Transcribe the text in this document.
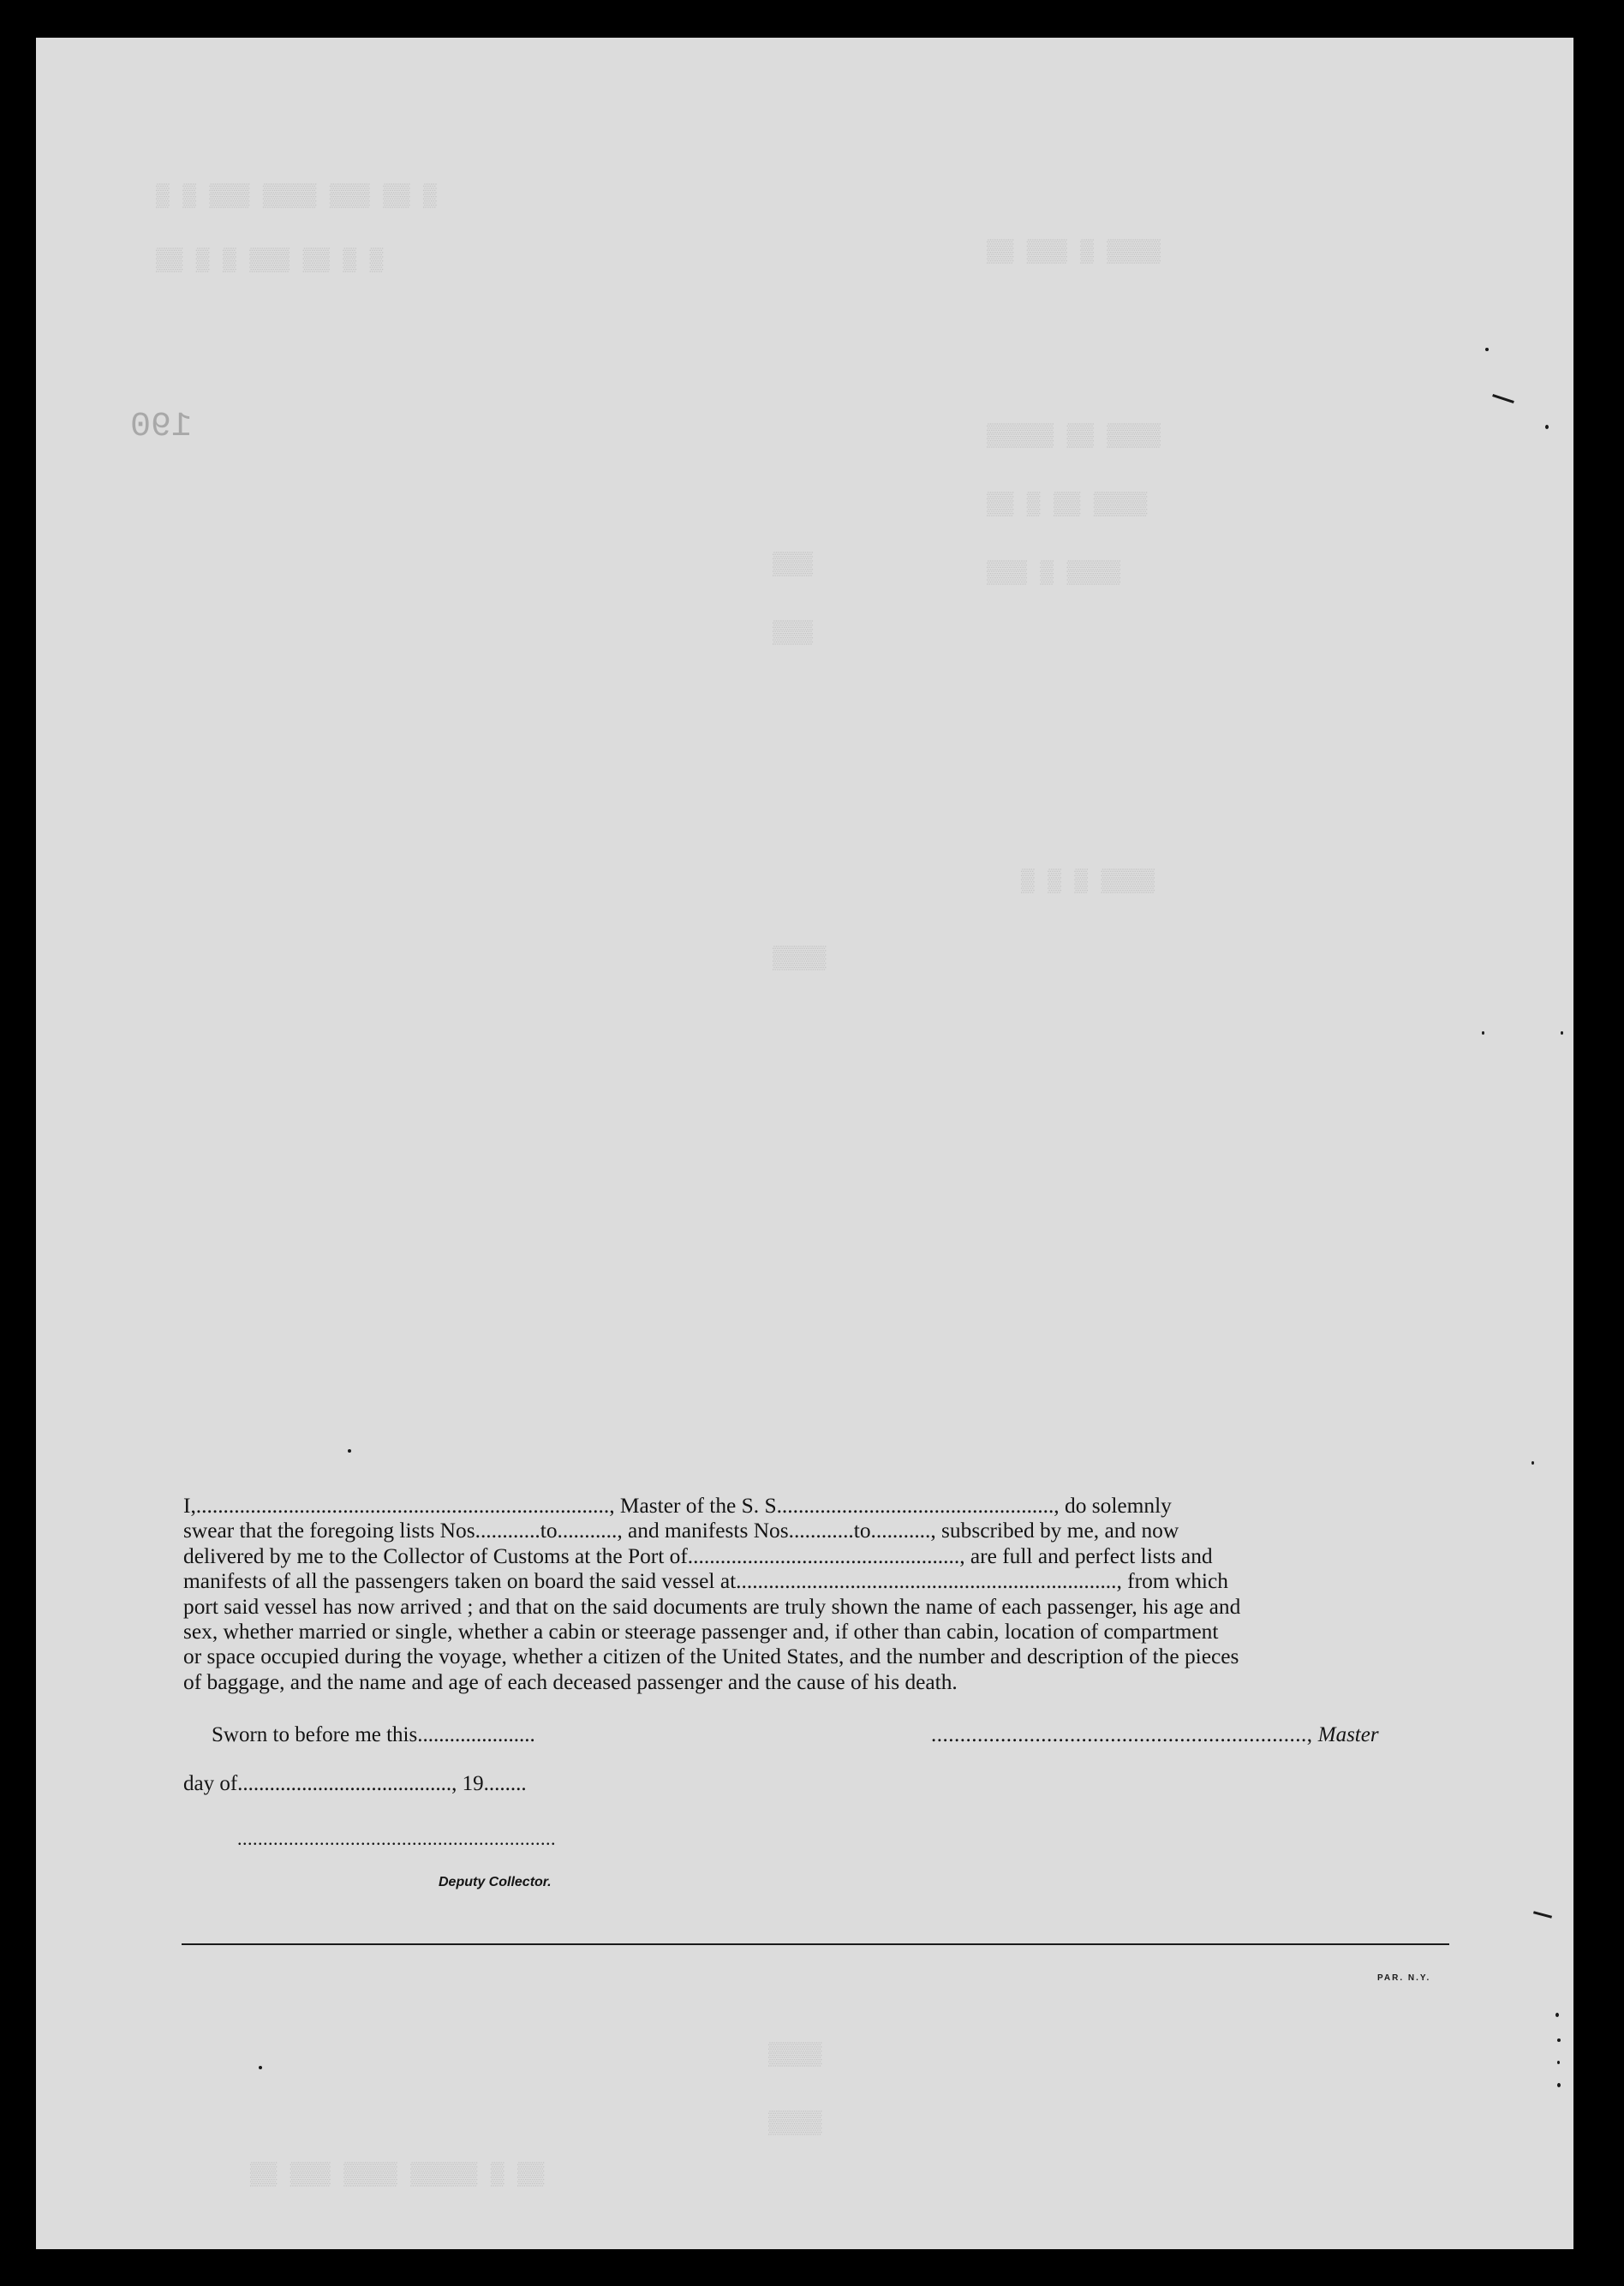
▒ ▒ ▒▒▒ ▒▒▒▒ ▒▒▒ ▒▒ ▒
▒▒ ▒ ▒ ▒▒▒ ▒▒ ▒ ▒
190
▒▒ ▒▒▒ ▒ ▒▒▒▒
▒▒▒▒▒ ▒▒ ▒▒▒▒
▒▒ ▒ ▒▒ ▒▒▒▒
▒▒▒ ▒ ▒▒▒▒
▒▒▒
▒▒▒
▒ ▒ ▒ ▒▒▒▒
▒▒▒▒
I,............................................................................, Master of the S. S..................................................., do solemnly
swear that the foregoing lists Nos............to..........., and manifests Nos............to..........., subscribed by me, and now
delivered by me to the Collector of Customs at the Port of.................................................., are full and perfect lists and
manifests of all the passengers taken on board the said vessel at......................................................................, from which
port said vessel has now arrived ; and that on the said documents are truly shown the name of each passenger, his age and
sex, whether married or single, whether a cabin or steerage passenger and, if other than cabin, location of compartment
or space occupied during the voyage, whether a citizen of the United States, and the number and description of the pieces
of baggage, and the name and age of each deceased passenger and the cause of his death.
Sworn to before me this......................	................................................................., Master
day of........................................, 19........
..............................................................
Deputy Collector.
PAR. N.Y.
▒▒▒▒
▒▒▒▒
▒▒ ▒▒▒ ▒▒▒▒ ▒▒▒▒▒ ▒ ▒▒
